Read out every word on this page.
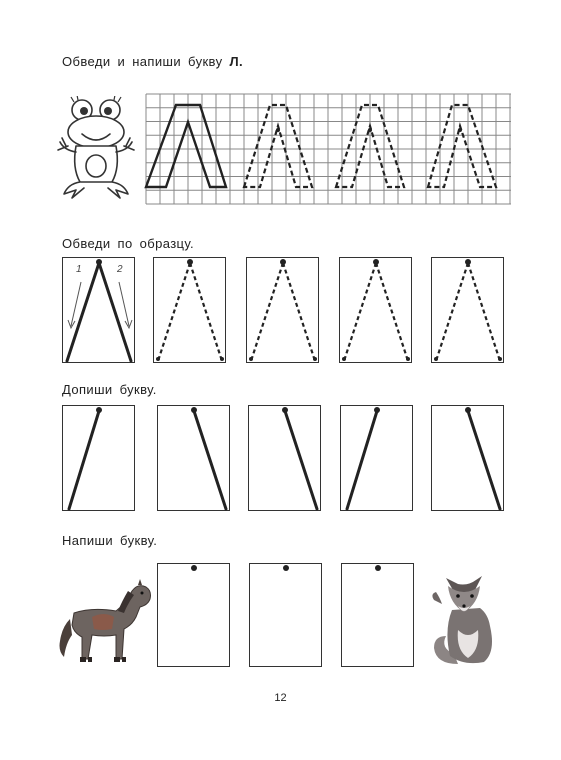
Обведи и напиши букву Л.
Обведи по образцу.
1	2
Допиши букву.
Напиши букву.
12
